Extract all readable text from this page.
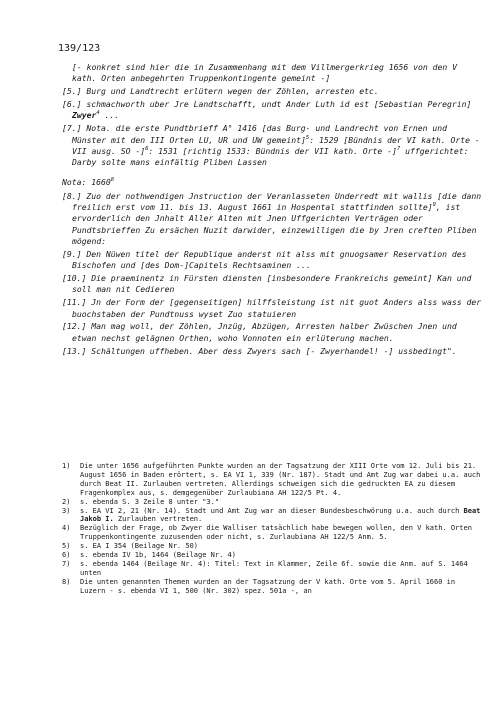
139/123

[- konkret sind hier die in Zusammenhang mit dem Villmergerkrieg 1656 von den V kath. Orten anbegehrten Truppenkontingente gemeint -]

[5.] Burg und Landtrecht erlütern wegen der Zöhlen, arresten etc.

[6.] schmachworth uber Jre Landtschafft, undt Ander Luth id est [Sebastian Peregrin] Zwyer$^4$ ...

[7.] Nota. die erste Pundtbrieff A° 1416 [das Burg- und Landrecht von Ernen und Münster mit den III Orten LU, UR und UW gemeint]$^5$: 1529 [Bündnis der VI kath. Orte - VII ausg. SO -]$^6$: 1531 [richtig 1533: Bündnis der VII kath. Orte -]$^7$ uffgerichtet: Darby solte mans einfältig Pliben Lassen

Nota: 1660$^8$

[8.] Zuo der nothwendigen Jnstruction der Veranlasseten Underredt mit wallis [die dann freilich erst vom 11. bis 13. August 1661 in Hospental stattfinden sollte]$^9$, ist ervorderlich den Jnhalt Aller Alten mit Jnen Uffgerichten Verträgen oder Pundtsbrieffen Zu ersächen Nuzit darwider, einzewilligen die by Jren creften Pliben mögend:

[9.] Den Nüwen titel der Republique anderst nit alss mit gnuogsamer Reservation des Bischofen und [des Dom-]Capitels Rechtsaminen ...

[10.] Die praeminentz in Fürsten diensten [insbesondere Frankreichs gemeint] Kan und soll man nit Cedieren

[11.] Jn der Form der [gegenseitigen] hilffsleistung ist nit guot Anders alss wass der buochstaben der Pundtnuss wyset Zuo statuieren

[12.] Man mag woll, der Zöhlen, Jnzüg, Abzügen, Arresten halber Zwüschen Jnen und etwan nechst gelägnen Orthen, woho Vonnoten ein erlüterung machen.

[13.] Schältungen uffheben. Aber dess Zwyers sach [- Zwyerhandel! -] ussbedingt".

1)	Die unter 1656 aufgeführten Punkte wurden an der Tagsatzung der XIII Orte vom 12. Juli bis 21. August 1656 in Baden erörtert, s. EA VI 1, 339 (Nr. 187). Stadt und Amt Zug war dabei u.a. auch durch Beat II. Zurlauben vertreten. Allerdings schweigen sich die gedruckten EA zu diesem Fragenkomplex aus, s. demgegenüber Zurlaubiana AH 122/5 Pt. 4.
2)	s. ebenda S. 3 Zeile 8 unter "3."
3)	s. EA VI 2, 21 (Nr. 14). Stadt und Amt Zug war an dieser Bundesbeschwörung u.a. auch durch Beat Jakob I. Zurlauben vertreten.
4)	Bezüglich der Frage, ob Zwyer die Walliser tatsächlich habe bewegen wollen, den V kath. Orten Truppenkontingente zuzusenden oder nicht, s. Zurlaubiana AH 122/5 Anm. 5.
5)	s. EA I 354 (Beilage Nr. 50)
6)	s. ebenda IV 1b, 1464 (Beilage Nr. 4)
7)	s. ebenda 1464 (Beilage Nr. 4): Titel: Text in Klammer, Zeile 6f. sowie die Anm. auf S. 1464 unten
8)	Die unten genannten Themen wurden an der Tagsatzung der V kath. Orte vom 5. April 1660 in Luzern - s. ebenda VI 1, 500 (Nr. 302) spez. 501a -, an
